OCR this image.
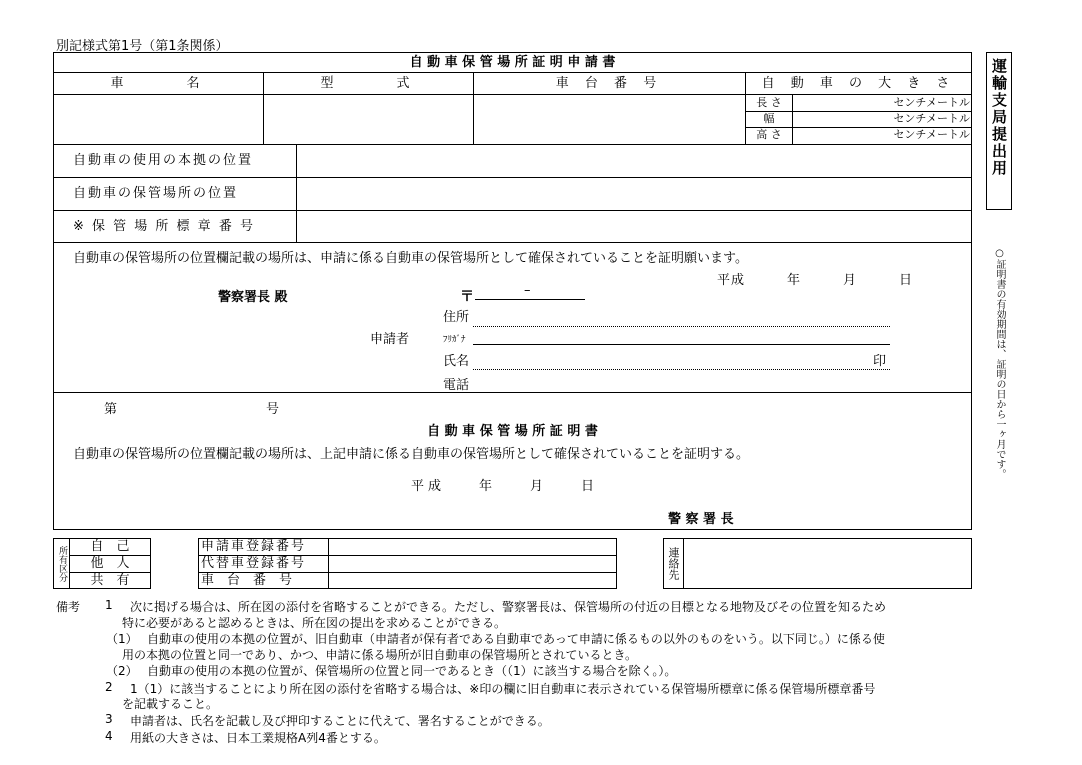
別記様式第1号（第1条関係）
自 動 車 保 管 場 所 証 明 申 請 書
車　　　名	型　　　式	車 台 番 号	自 動 車 の 大 き さ
長 さ	センチメートル
幅	センチメートル
高 さ	センチメートル
自動車の使用の本拠の位置
自動車の保管場所の位置
※ 保 管 場 所 標 章 番 号
自動車の保管場所の位置欄記載の場所は、申請に係る自動車の保管場所として確保されていることを証明願います。
平成　　　年　　　月　　　日
警察署長 殿	〒	–
住所
ﾌﾘｶﾞﾅ
申請者
氏名	印
電話
第	号
自 動 車 保 管 場 所 証 明 書
自動車の保管場所の位置欄記載の場所は、上記申請に係る自動車の保管場所として確保されていることを証明する。
平成　　年　　月　　日
警 察 署 長
運輸支局提出用
○証明書の有効期間は、証明の日から一ヶ月です。
所有区分	自　己
他　人
共　有
申請車登録番号
代替車登録番号
車　台　番　号
連絡先
備考 1 次に掲げる場合は、所在図の添付を省略することができる。ただし、警察署長は、保管場所の付近の目標となる地物及びその位置を知るため
特に必要があると認めるときは、所在図の提出を求めることができる。
（1） 自動車の使用の本拠の位置が、旧自動車（申請者が保有者である自動車であって申請に係るもの以外のものをいう。以下同じ。）に係る使
用の本拠の位置と同一であり、かつ、申請に係る場所が旧自動車の保管場所とされているとき。
（2） 自動車の使用の本拠の位置が、保管場所の位置と同一であるとき（（1）に該当する場合を除く。）。
2 1（1）に該当することにより所在図の添付を省略する場合は、※印の欄に旧自動車に表示されている保管場所標章に係る保管場所標章番号
を記載すること。
3 申請者は、氏名を記載し及び押印することに代えて、署名することができる。
4 用紙の大きさは、日本工業規格A列4番とする。
